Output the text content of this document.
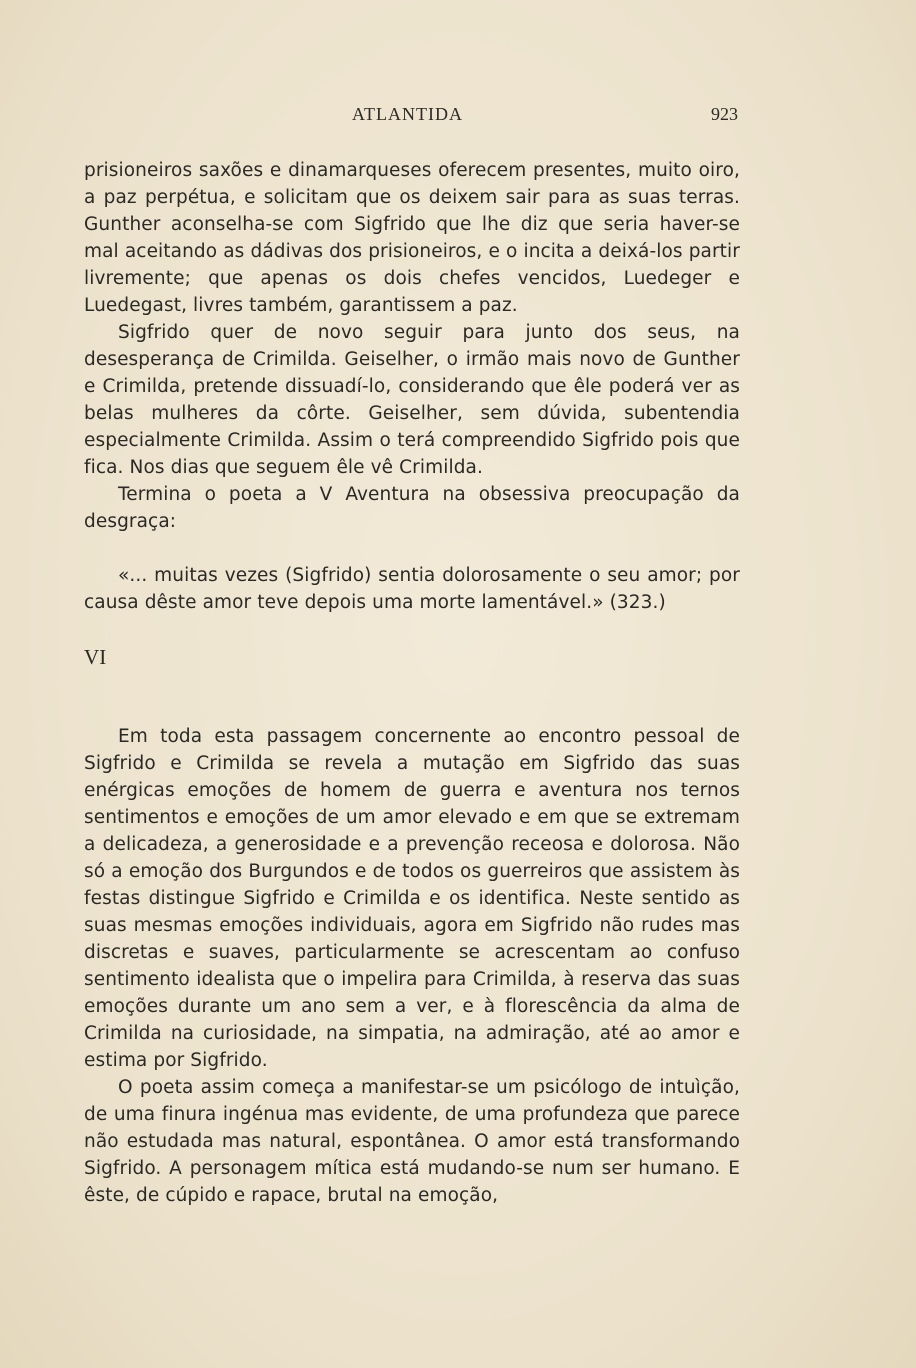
ATLANTIDA	923

prisioneiros saxões e dinamarqueses oferecem presentes, muito oiro, a paz perpétua, e solicitam que os deixem sair para as suas terras. Gunther aconselha-se com Sigfrido que lhe diz que seria haver-se mal aceitando as dádivas dos prisioneiros, e o incita a deixá-los partir livremente; que apenas os dois chefes vencidos, Luedeger e Luedegast, livres também, garantissem a paz.

Sigfrido quer de novo seguir para junto dos seus, na desesperança de Crimilda. Geiselher, o irmão mais novo de Gunther e Crimilda, pretende dissuadí-lo, considerando que êle poderá ver as belas mulheres da côrte. Geiselher, sem dúvida, subentendia especialmente Crimilda. Assim o terá compreendido Sigfrido pois que fica. Nos dias que seguem êle vê Crimilda.

Termina o poeta a V Aventura na obsessiva preocupação da desgraça:

«... muitas vezes (Sigfrido) sentia dolorosamente o seu amor; por causa dêste amor teve depois uma morte lamentável.» (323.)

VI

Em toda esta passagem concernente ao encontro pessoal de Sigfrido e Crimilda se revela a mutação em Sigfrido das suas enérgicas emoções de homem de guerra e aventura nos ternos sentimentos e emoções de um amor elevado e em que se extremam a delicadeza, a generosidade e a prevenção receosa e dolorosa. Não só a emoção dos Burgundos e de todos os guerreiros que assistem às festas distingue Sigfrido e Crimilda e os identifica. Neste sentido as suas mesmas emoções individuais, agora em Sigfrido não rudes mas discretas e suaves, particularmente se acrescentam ao confuso sentimento idealista que o impelira para Crimilda, à reserva das suas emoções durante um ano sem a ver, e à florescência da alma de Crimilda na curiosidade, na simpatia, na admiração, até ao amor e estima por Sigfrido.

O poeta assim começa a manifestar-se um psicólogo de intuìção, de uma finura ingénua mas evidente, de uma profundeza que parece não estudada mas natural, espontânea. O amor está transformando Sigfrido. A personagem mítica está mudando-se num ser humano. E êste, de cúpido e rapace, brutal na emoção,
